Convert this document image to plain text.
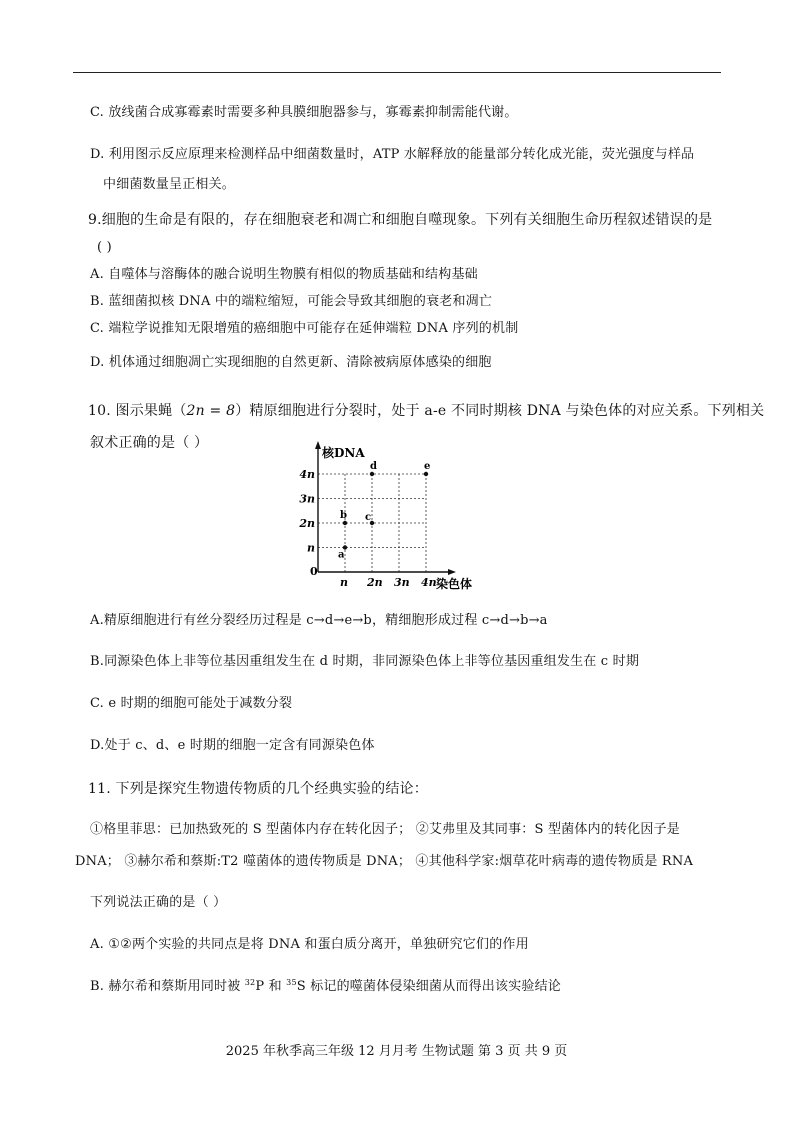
C. 放线菌合成寡霉素时需要多种具膜细胞器参与，寡霉素抑制需能代谢。
D. 利用图示反应原理来检测样品中细菌数量时，ATP 水解释放的能量部分转化成光能，荧光强度与样品
中细菌数量呈正相关。
9.细胞的生命是有限的，存在细胞衰老和凋亡和细胞自噬现象。下列有关细胞生命历程叙述错误的是
( )
A. 自噬体与溶酶体的融合说明生物膜有相似的物质基础和结构基础
B. 蓝细菌拟核 DNA 中的端粒缩短，可能会导致其细胞的衰老和凋亡
C. 端粒学说推知无限增殖的癌细胞中可能存在延伸端粒 DNA 序列的机制
D. 机体通过细胞凋亡实现细胞的自然更新、清除被病原体感染的细胞
10. 图示果蝇（2n = 8）精原细胞进行分裂时，处于 a-e 不同时期核 DNA 与染色体的对应关系。下列相关
叙术正确的是（ ）
核DNA
染色体
0
n 2n 3n 4n
n
2n
3n
4n
a
b c
d	e
A.精原细胞进行有丝分裂经历过程是 c→d→e→b，精细胞形成过程 c→d→b→a
B.同源染色体上非等位基因重组发生在 d 时期，非同源染色体上非等位基因重组发生在 c 时期
C. e 时期的细胞可能处于减数分裂
D.处于 c、d、e 时期的细胞一定含有同源染色体
11. 下列是探究生物遗传物质的几个经典实验的结论：
①格里菲思：已加热致死的 S 型菌体内存在转化因子； ②艾弗里及其同事：S 型菌体内的转化因子是
DNA； ③赫尔希和蔡斯:T2 噬菌体的遗传物质是 DNA； ④其他科学家:烟草花叶病毒的遗传物质是 RNA
下列说法正确的是（ ）
A. ①②两个实验的共同点是将 DNA 和蛋白质分离开，单独研究它们的作用
B. 赫尔希和蔡斯用同时被 $^{32}$P 和 $^{35}$S 标记的噬菌体侵染细菌从而得出该实验结论
2025 年秋季高三年级 12 月月考 生物试题 第 3 页 共 9 页
